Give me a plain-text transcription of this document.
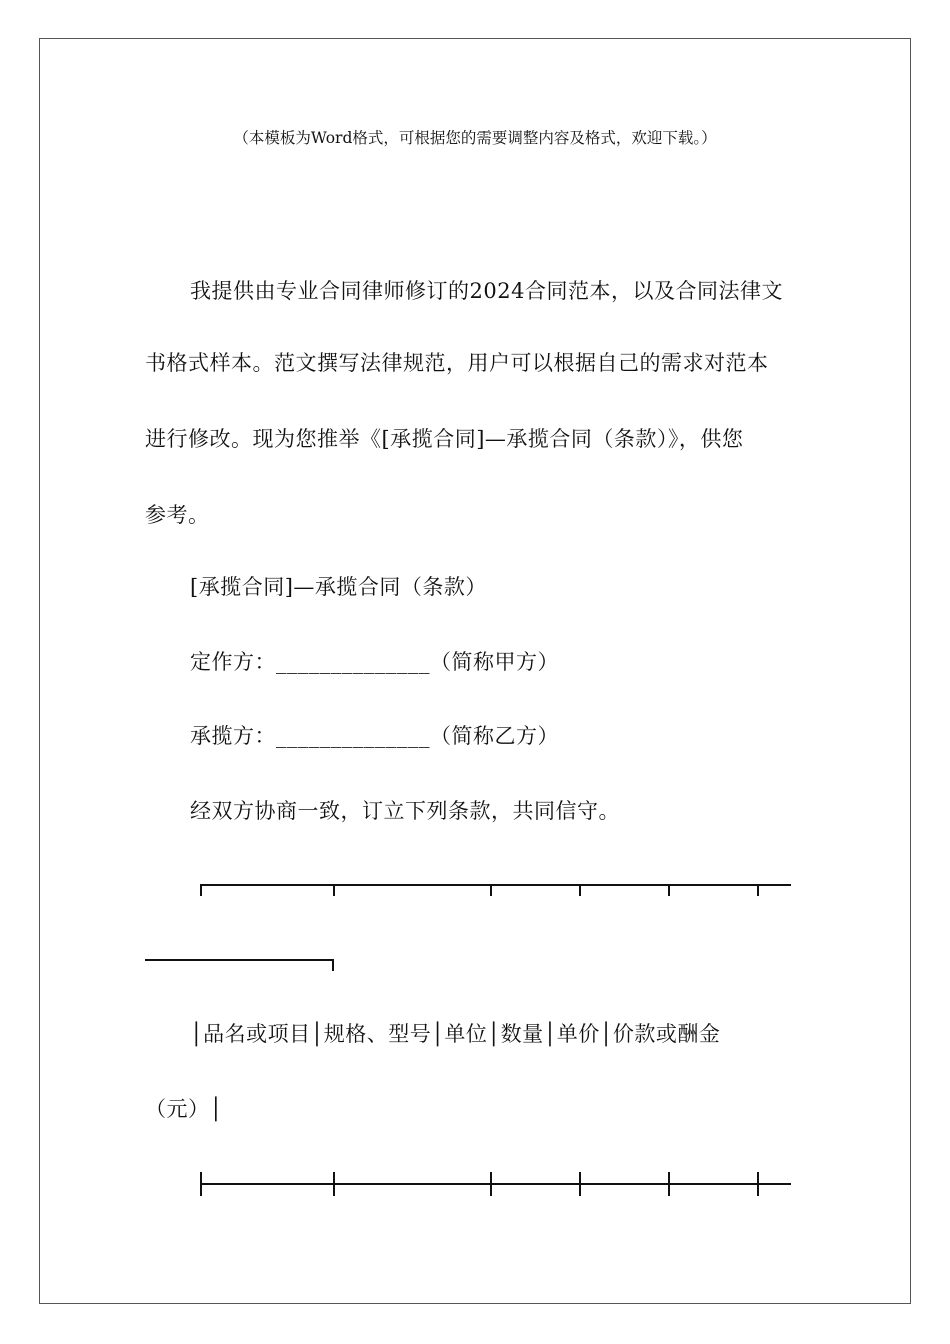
（本模板为Word格式，可根据您的需要调整内容及格式，欢迎下载。）
我提供由专业合同律师修订的2024合同范本，以及合同法律文
书格式样本。范文撰写法律规范，用户可以根据自己的需求对范本
进行修改。现为您推举《[承揽合同]—承揽合同（条款）》，供您
参考。
[承揽合同]—承揽合同（条款）
定作方：______________（简称甲方）
承揽方：______________（简称乙方）
经双方协商一致，订立下列条款，共同信守。
│品名或项目│规格、型号│单位│数量│单价│价款或酬金
（元）│
